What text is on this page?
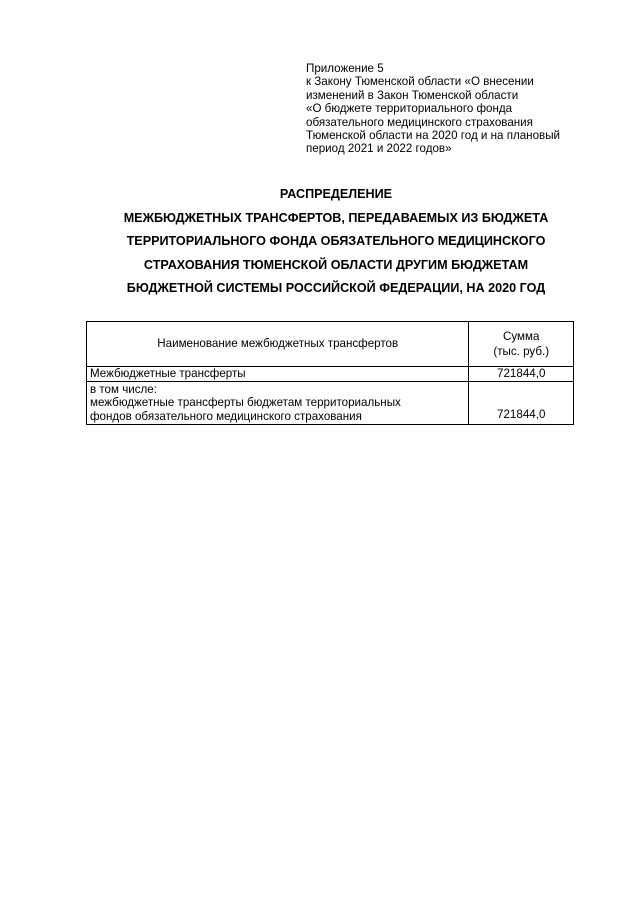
Приложение 5
к Закону Тюменской области «О внесении
изменений в Закон Тюменской области
«О бюджете территориального фонда
обязательного медицинского страхования
Тюменской области на 2020 год и на плановый
период 2021 и 2022 годов»
РАСПРЕДЕЛЕНИЕ
МЕЖБЮДЖЕТНЫХ ТРАНСФЕРТОВ, ПЕРЕДАВАЕМЫХ ИЗ БЮДЖЕТА
ТЕРРИТОРИАЛЬНОГО ФОНДА ОБЯЗАТЕЛЬНОГО МЕДИЦИНСКОГО
СТРАХОВАНИЯ ТЮМЕНСКОЙ ОБЛАСТИ ДРУГИМ БЮДЖЕТАМ
БЮДЖЕТНОЙ СИСТЕМЫ РОССИЙСКОЙ ФЕДЕРАЦИИ, НА 2020 ГОД
Наименование межбюджетных трансфертов	Сумма
(тыс. руб.)

Межбюджетные трансферты	721844,0

в том числе:
межбюджетные трансферты бюджетам территориальных
фондов обязательного медицинского страхования	721844,0
